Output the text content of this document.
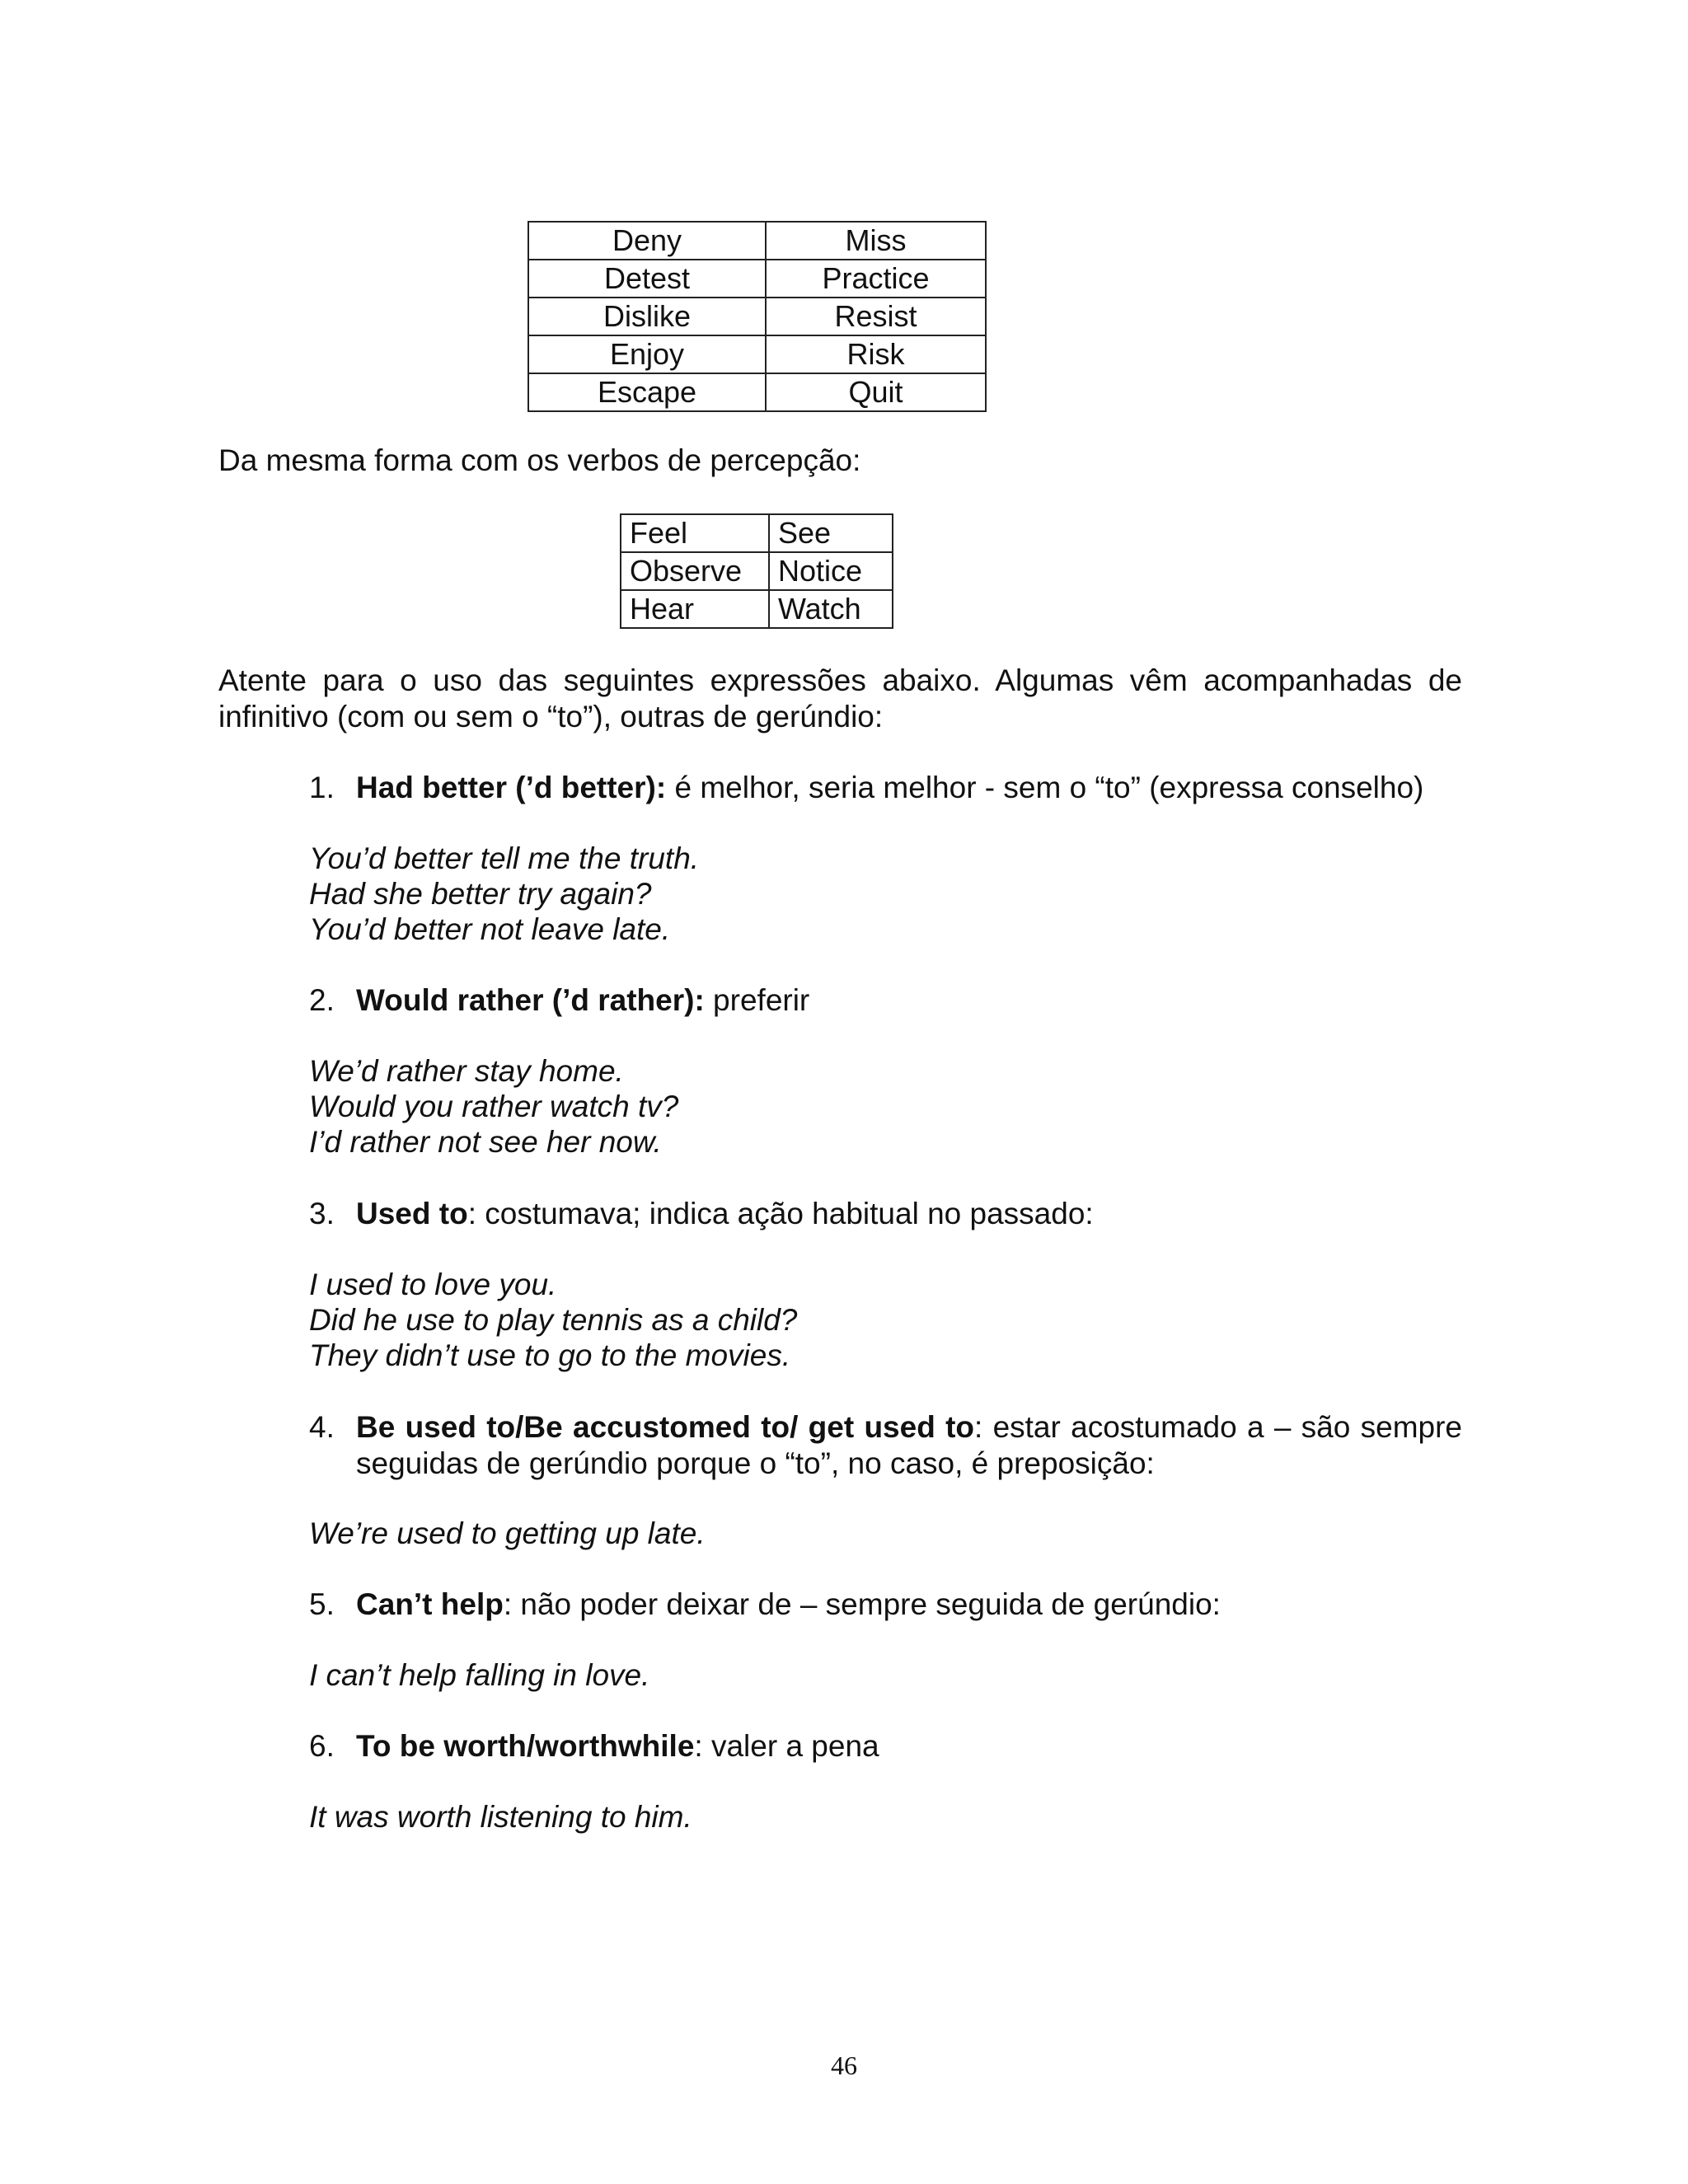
Deny	Miss
Detest	Practice
Dislike	Resist
Enjoy	Risk
Escape	Quit

Da mesma forma com os verbos de percepção:

Feel	See
Observe	Notice
Hear	Watch

Atente para o uso das seguintes expressões abaixo. Algumas vêm acompanhadas de infinitivo (com ou sem o “to”), outras de gerúndio:

1. Had better (’d better): é melhor, seria melhor - sem o “to” (expressa conselho)
You’d better tell me the truth.
Had she better try again?
You’d better not leave late.
2. Would rather (’d rather): preferir
We’d rather stay home.
Would you rather watch tv?
I’d rather not see her now.
3. Used to: costumava; indica ação habitual no passado:
I used to love you.
Did he use to play tennis as a child?
They didn’t use to go to the movies.
4. Be used to/Be accustomed to/ get used to: estar acostumado a – são sempre seguidas de gerúndio porque o “to”, no caso, é preposição:
We’re used to getting up late.
5. Can’t help: não poder deixar de – sempre seguida de gerúndio:
I can’t help falling in love.
6. To be worth/worthwhile: valer a pena
It was worth listening to him.
46
